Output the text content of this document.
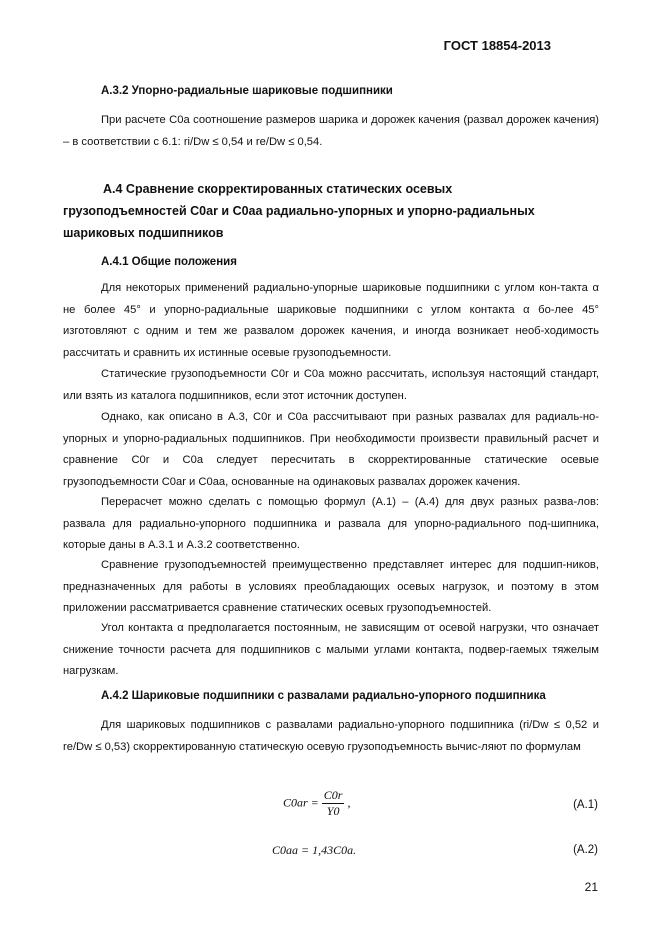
ГОСТ 18854-2013
А.3.2 Упорно-радиальные шариковые подшипники

При расчете C0a соотношение размеров шарика и дорожек качения (развал дорожек качения) – в соответствии с 6.1: ri/Dw ≤ 0,54 и re/Dw ≤ 0,54.

А.4 Сравнение скорректированных статических осевых
грузоподъемностей C0ar и C0aa радиально-упорных и упорно-радиальных
шариковых подшипников
А.4.1 Общие положения

Для некоторых применений радиально-упорные шариковые подшипники с углом кон-такта α не более 45° и упорно-радиальные шариковые подшипники с углом контакта α бо-лее 45° изготовляют с одним и тем же развалом дорожек качения, и иногда возникает необ-ходимость рассчитать и сравнить их истинные осевые грузоподъемности.

Статические грузоподъемности C0r и C0a можно рассчитать, используя настоящий стандарт, или взять из каталога подшипников, если этот источник доступен.

Однако, как описано в А.3, C0r и C0a рассчитывают при разных развалах для радиаль-но-упорных и упорно-радиальных подшипников. При необходимости произвести правильный расчет и сравнение C0r и C0a следует пересчитать в скорректированные статические осевые грузоподъемности C0ar и C0aa, основанные на одинаковых развалах дорожек качения.

Перерасчет можно сделать с помощью формул (А.1) – (А.4) для двух разных разва-лов: развала для радиально-упорного подшипника и развала для упорно-радиального под-шипника, которые даны в А.3.1 и А.3.2 соответственно.

Сравнение грузоподъемностей преимущественно представляет интерес для подшип-ников, предназначенных для работы в условиях преобладающих осевых нагрузок, и поэтому в этом приложении рассматривается сравнение статических осевых грузоподъемностей.

Угол контакта α предполагается постоянным, не зависящим от осевой нагрузки, что означает снижение точности расчета для подшипников с малыми углами контакта, подвер-гаемых тяжелым нагрузкам.

А.4.2 Шариковые подшипники с развалами радиально-упорного подшипника

Для шариковых подшипников с развалами радиально-упорного подшипника (ri/Dw ≤ 0,52 и re/Dw ≤ 0,53) скорректированную статическую осевую грузоподъемность вычис-ляют по формулам

$C0ar = \frac{C0r}{Y0}$ ,	(А.1)
C0aa = 1,43C0a.	(А.2)
21
